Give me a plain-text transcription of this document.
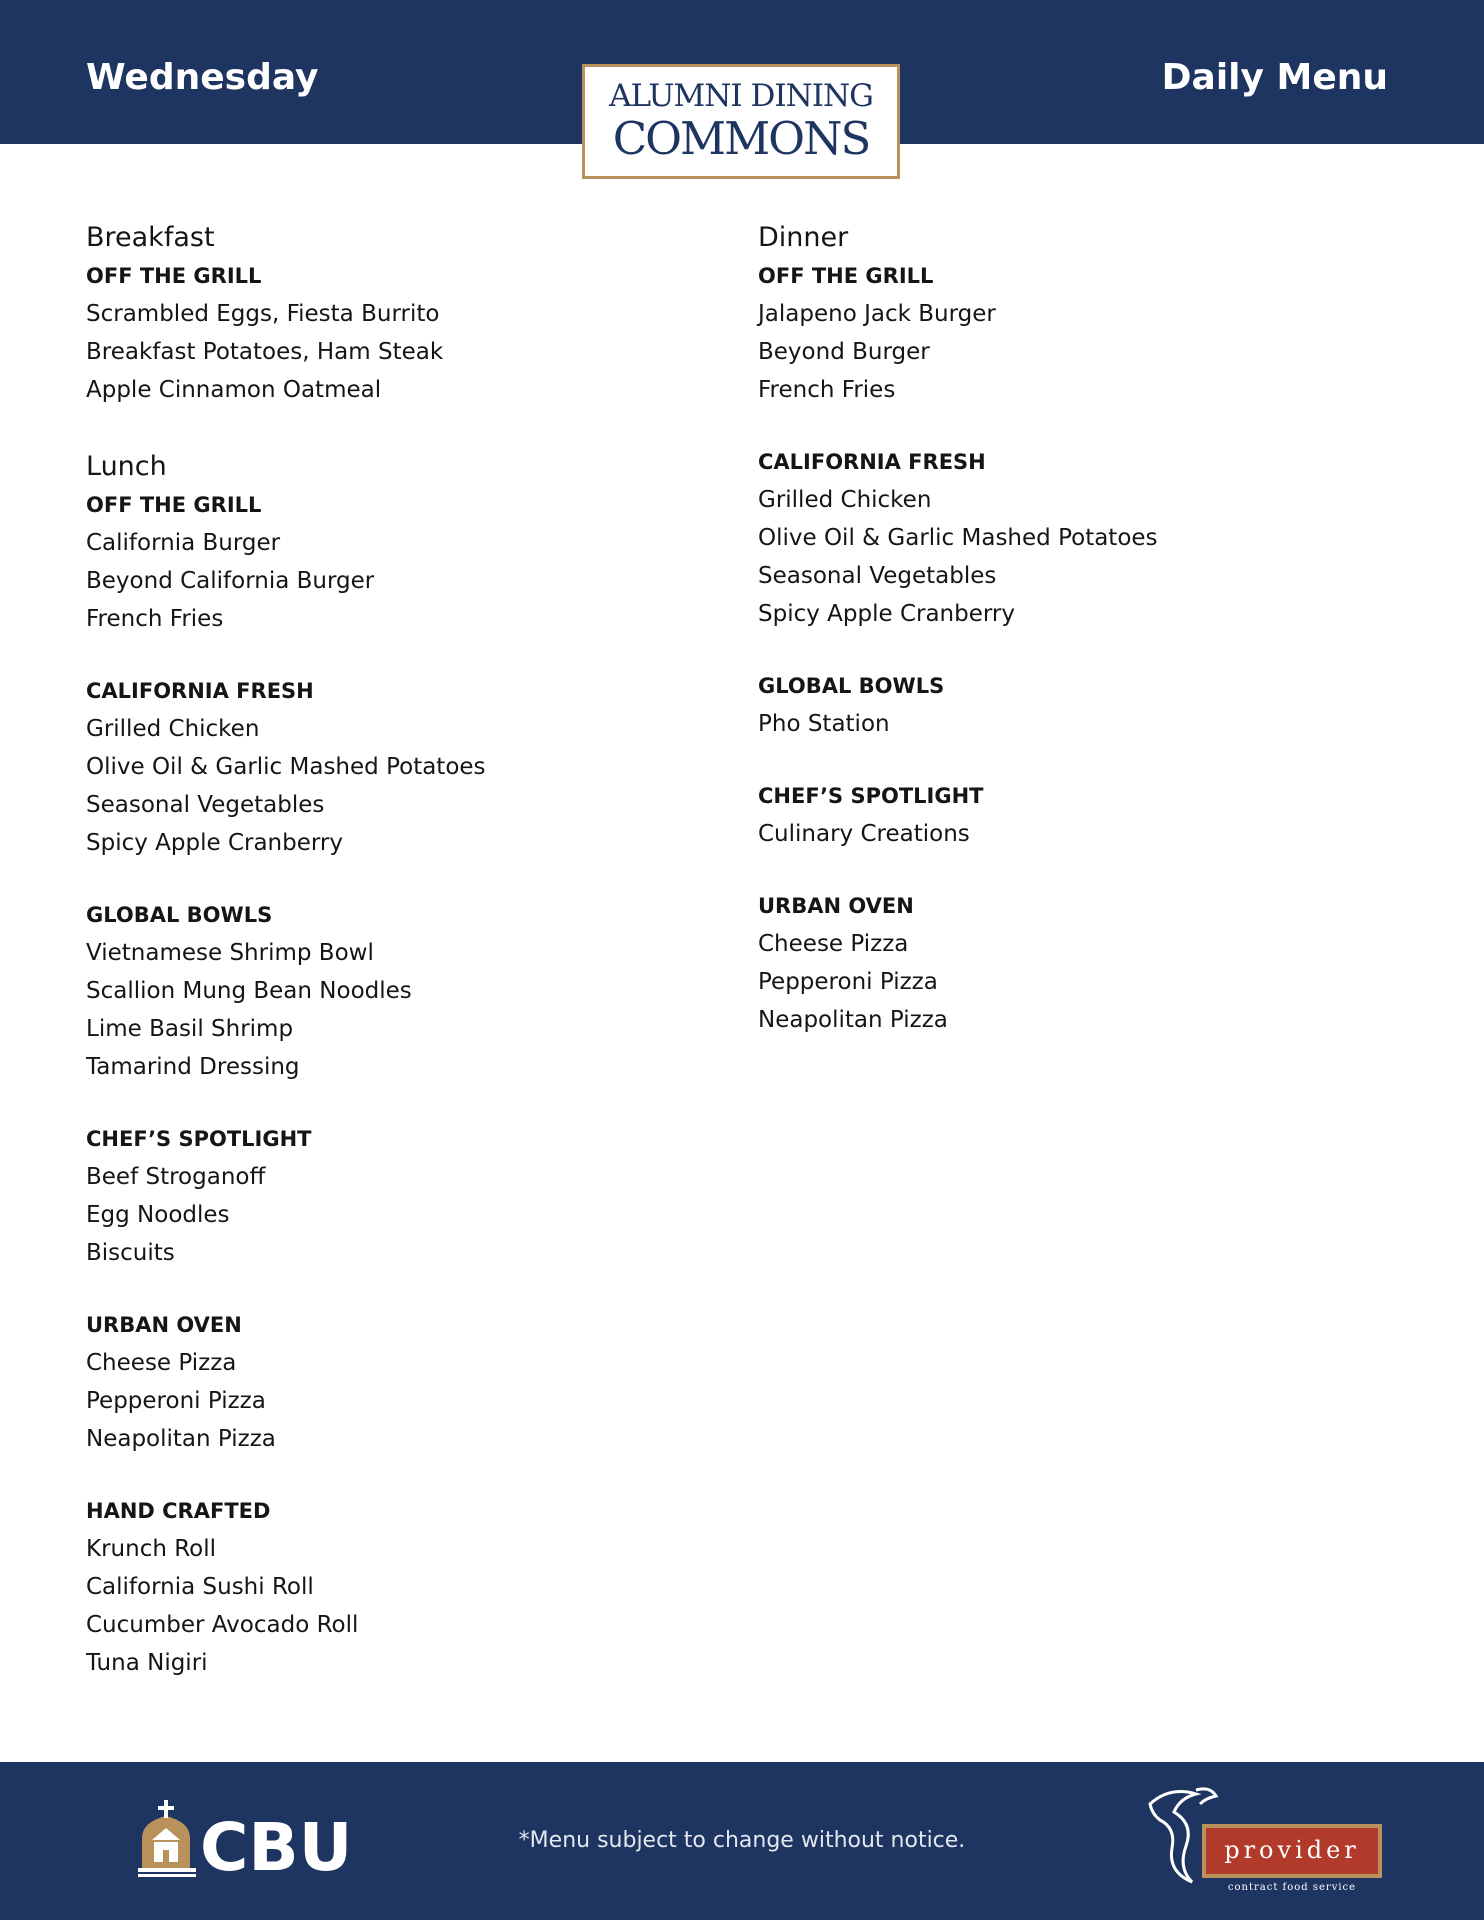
Wednesday	Daily Menu
ALUMNI DINING
COMMONS
Breakfast
OFF THE GRILL
Scrambled Eggs, Fiesta Burrito
Breakfast Potatoes, Ham Steak
Apple Cinnamon Oatmeal
Lunch
OFF THE GRILL
California Burger
Beyond California Burger
French Fries
CALIFORNIA FRESH
Grilled Chicken
Olive Oil & Garlic Mashed Potatoes
Seasonal Vegetables
Spicy Apple Cranberry
GLOBAL BOWLS
Vietnamese Shrimp Bowl
Scallion Mung Bean Noodles
Lime Basil Shrimp
Tamarind Dressing
CHEF’S SPOTLIGHT
Beef Stroganoff
Egg Noodles
Biscuits
URBAN OVEN
Cheese Pizza
Pepperoni Pizza
Neapolitan Pizza
HAND CRAFTED
Krunch Roll
California Sushi Roll
Cucumber Avocado Roll
Tuna Nigiri
Dinner
OFF THE GRILL
Jalapeno Jack Burger
Beyond Burger
French Fries
CALIFORNIA FRESH
Grilled Chicken
Olive Oil & Garlic Mashed Potatoes
Seasonal Vegetables
Spicy Apple Cranberry
GLOBAL BOWLS
Pho Station
CHEF’S SPOTLIGHT
Culinary Creations
URBAN OVEN
Cheese Pizza
Pepperoni Pizza
Neapolitan Pizza
CBU	*Menu subject to change without notice.	provider
contract food service
